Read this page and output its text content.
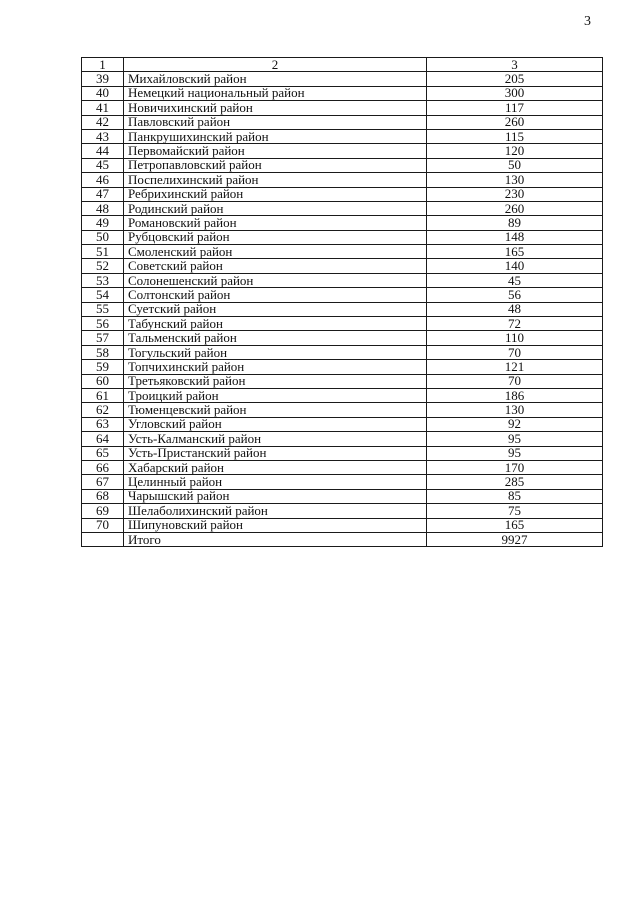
3
1	2	3
39	Михайловский район	205
40	Немецкий национальный район	300
41	Новичихинский район	117
42	Павловский район	260
43	Панкрушихинский район	115
44	Первомайский район	120
45	Петропавловский район	50
46	Поспелихинский район	130
47	Ребрихинский район	230
48	Родинский район	260
49	Романовский район	89
50	Рубцовский район	148
51	Смоленский район	165
52	Советский район	140
53	Солонешенский район	45
54	Солтонский район	56
55	Суетский район	48
56	Табунский район	72
57	Тальменский район	110
58	Тогульский район	70
59	Топчихинский район	121
60	Третьяковский район	70
61	Троицкий район	186
62	Тюменцевский район	130
63	Угловский район	92
64	Усть-Калманский район	95
65	Усть-Пристанский район	95
66	Хабарский район	170
67	Целинный район	285
68	Чарышский район	85
69	Шелаболихинский район	75
70	Шипуновский район	165
	Итого	9927
